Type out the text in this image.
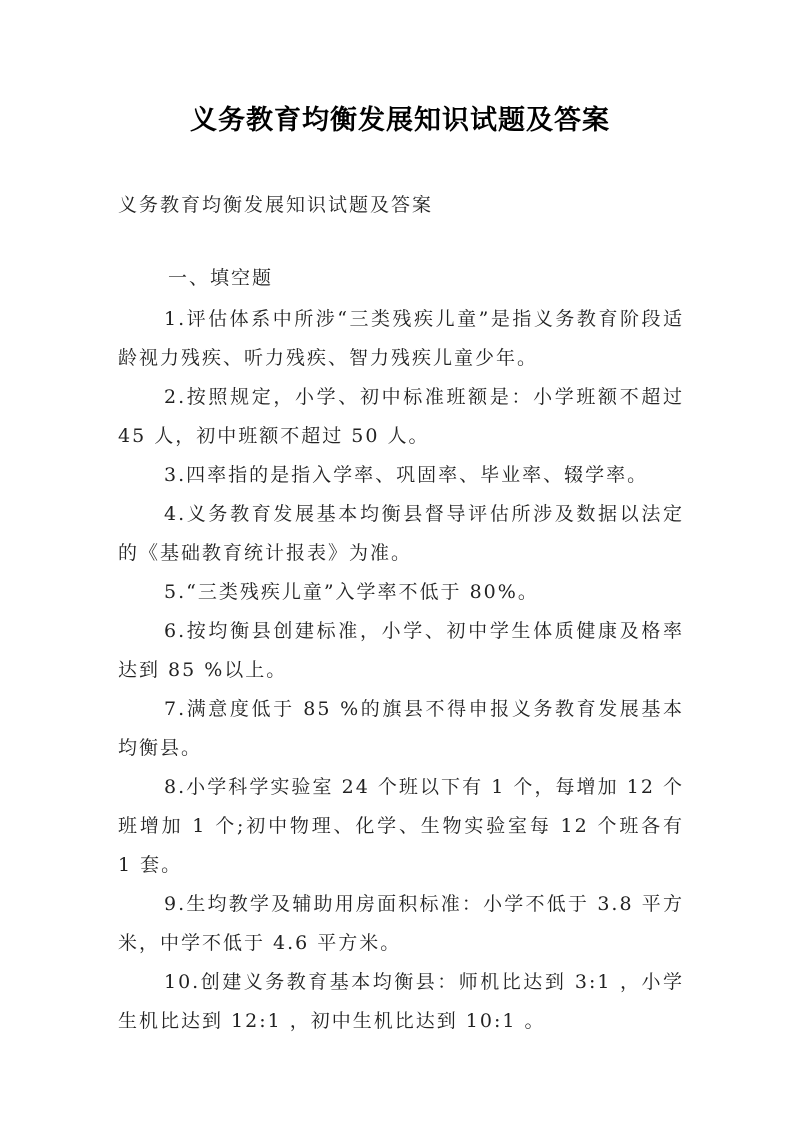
义务教育均衡发展知识试题及答案
义务教育均衡发展知识试题及答案
一、填空题

1.评估体系中所涉“三类残疾儿童”是指义务教育阶段适龄视力残疾、听力残疾、智力残疾儿童少年。

2.按照规定，小学、初中标准班额是：小学班额不超过 45 人，初中班额不超过 50 人。

3.四率指的是指入学率、巩固率、毕业率、辍学率。

4.义务教育发展基本均衡县督导评估所涉及数据以法定的《基础教育统计报表》为准。

5.“三类残疾儿童”入学率不低于 80%。

6.按均衡县创建标准，小学、初中学生体质健康及格率达到 85 %以上。

7.满意度低于 85 %的旗县不得申报义务教育发展基本均衡县。

8.小学科学实验室 24 个班以下有 1 个，每增加 12 个班增加 1 个;初中物理、化学、生物实验室每 12 个班各有 1 套。

9.生均教学及辅助用房面积标准：小学不低于 3.8 平方米，中学不低于 4.6 平方米。

10.创建义务教育基本均衡县：师机比达到 3:1 ，小学生机比达到 12:1 ，初中生机比达到 10:1 。
